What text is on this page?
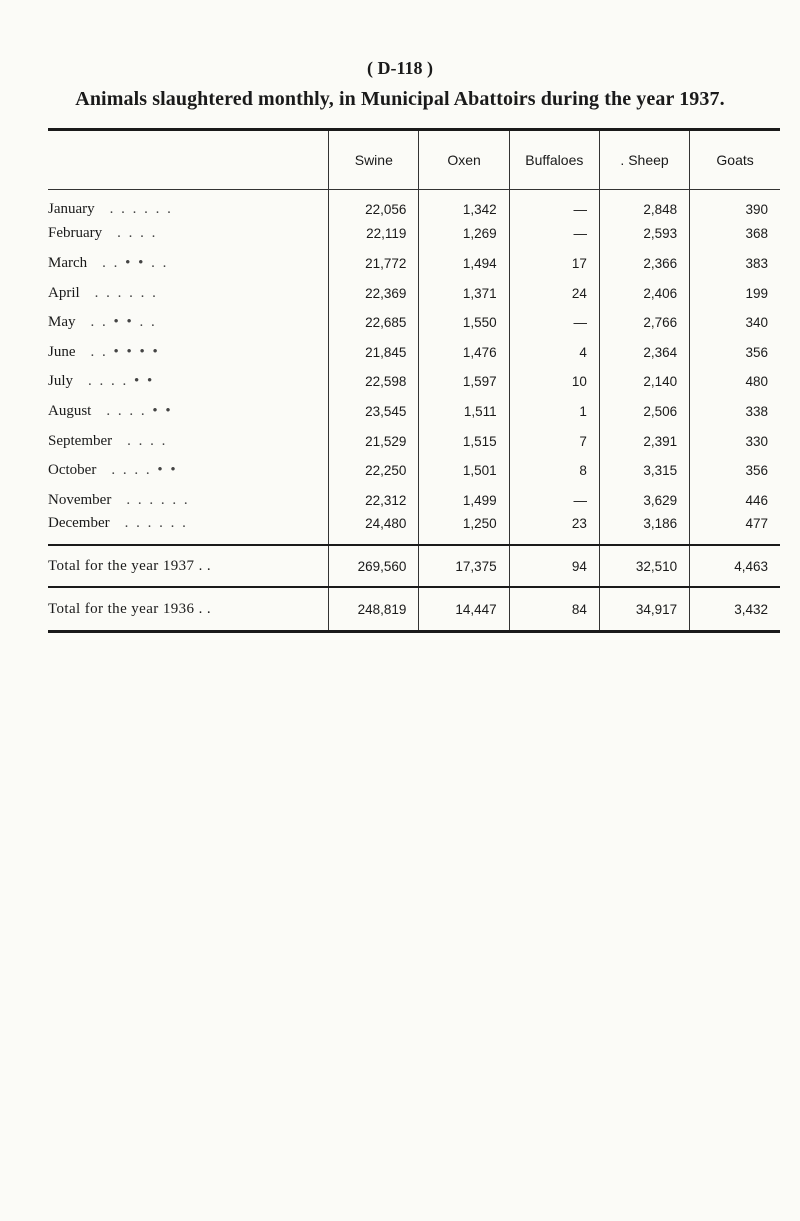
( D-118 )
Animals slaughtered monthly, in Municipal Abattoirs during the year 1937.
	Swine	Oxen	Buffaloes	. Sheep	Goats
January . . . . . .	22,056	1,342	—	2,848	390
February . . . .	22,119	1,269	—	2,593	368
March . . • • . .	21,772	1,494	17	2,366	383
April . . . . . .	22,369	1,371	24	2,406	199
May . . • • . .	22,685	1,550	—	2,766	340
June . . • • • •	21,845	1,476	4	2,364	356
July . . . . • •	22,598	1,597	10	2,140	480
August . . . . • •	23,545	1,511	1	2,506	338
September . . . .	21,529	1,515	7	2,391	330
October . . . . • •	22,250	1,501	8	3,315	356
November . . . . . .	22,312	1,499	—	3,629	446
December . . . . . .	24,480	1,250	23	3,186	477
Total for the year 1937 . .	269,560	17,375	94	32,510	4,463
Total for the year 1936 . .	248,819	14,447	84	34,917	3,432
